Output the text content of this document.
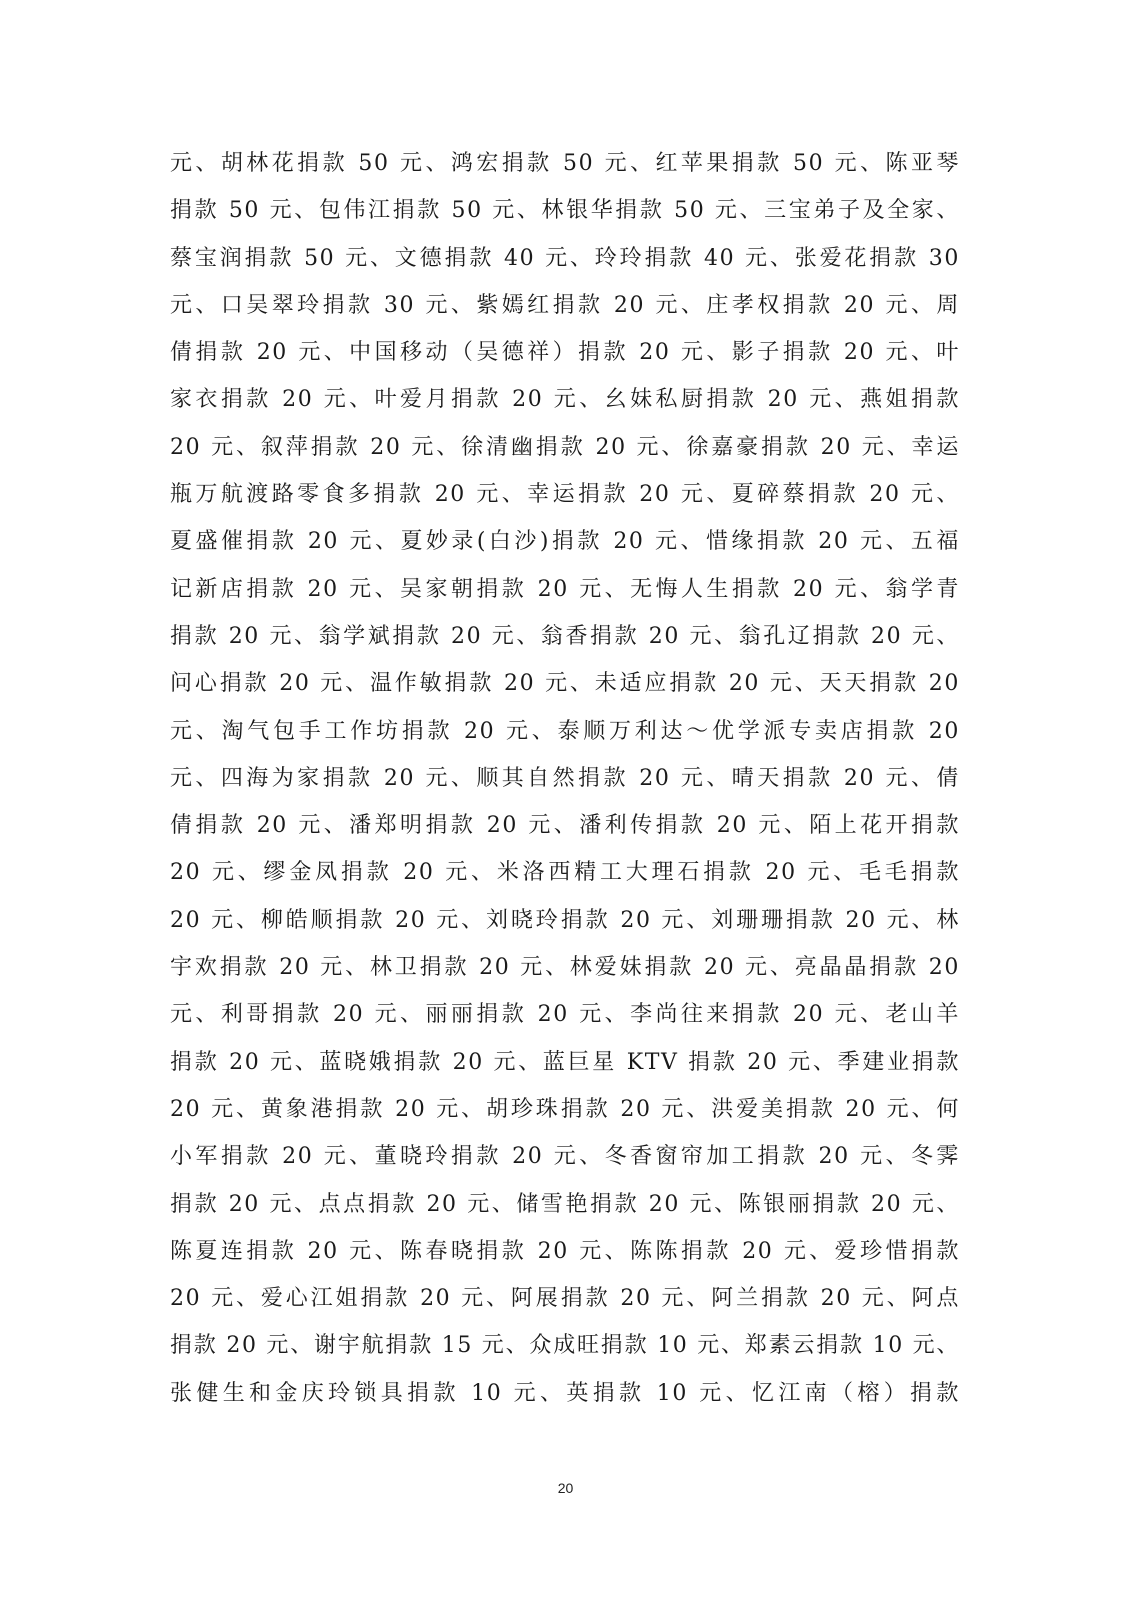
元、胡林花捐款 50 元、鸿宏捐款 50 元、红苹果捐款 50 元、陈亚琴
捐款 50 元、包伟江捐款 50 元、林银华捐款 50 元、三宝弟子及全家、
蔡宝润捐款 50 元、文德捐款 40 元、玲玲捐款 40 元、张爱花捐款 30
元、口吴翠玲捐款 30 元、紫嫣红捐款 20 元、庄孝权捐款 20 元、周
倩捐款 20 元、中国移动（吴德祥）捐款 20 元、影子捐款 20 元、叶
家衣捐款 20 元、叶爱月捐款 20 元、幺妹私厨捐款 20 元、燕姐捐款
20 元、叙萍捐款 20 元、徐清幽捐款 20 元、徐嘉豪捐款 20 元、幸运
瓶万航渡路零食多捐款 20 元、幸运捐款 20 元、夏碎蔡捐款 20 元、
夏盛催捐款 20 元、夏妙录(白沙)捐款 20 元、惜缘捐款 20 元、五福
记新店捐款 20 元、吴家朝捐款 20 元、无悔人生捐款 20 元、翁学青
捐款 20 元、翁学斌捐款 20 元、翁香捐款 20 元、翁孔辽捐款 20 元、
问心捐款 20 元、温作敏捐款 20 元、未适应捐款 20 元、天天捐款 20
元、淘气包手工作坊捐款 20 元、泰顺万利达～优学派专卖店捐款 20
元、四海为家捐款 20 元、顺其自然捐款 20 元、晴天捐款 20 元、倩
倩捐款 20 元、潘郑明捐款 20 元、潘利传捐款 20 元、陌上花开捐款
20 元、缪金凤捐款 20 元、米洛西精工大理石捐款 20 元、毛毛捐款
20 元、柳皓顺捐款 20 元、刘晓玲捐款 20 元、刘珊珊捐款 20 元、林
宇欢捐款 20 元、林卫捐款 20 元、林爱妹捐款 20 元、亮晶晶捐款 20
元、利哥捐款 20 元、丽丽捐款 20 元、李尚往来捐款 20 元、老山羊
捐款 20 元、蓝晓娥捐款 20 元、蓝巨星 KTV 捐款 20 元、季建业捐款
20 元、黄象港捐款 20 元、胡珍珠捐款 20 元、洪爱美捐款 20 元、何
小军捐款 20 元、董晓玲捐款 20 元、冬香窗帘加工捐款 20 元、冬霁
捐款 20 元、点点捐款 20 元、储雪艳捐款 20 元、陈银丽捐款 20 元、
陈夏连捐款 20 元、陈春晓捐款 20 元、陈陈捐款 20 元、爱珍惜捐款
20 元、爱心江姐捐款 20 元、阿展捐款 20 元、阿兰捐款 20 元、阿点
捐款 20 元、谢宇航捐款 15 元、众成旺捐款 10 元、郑素云捐款 10 元、
张健生和金庆玲锁具捐款 10 元、英捐款 10 元、忆江南（榕）捐款
20
